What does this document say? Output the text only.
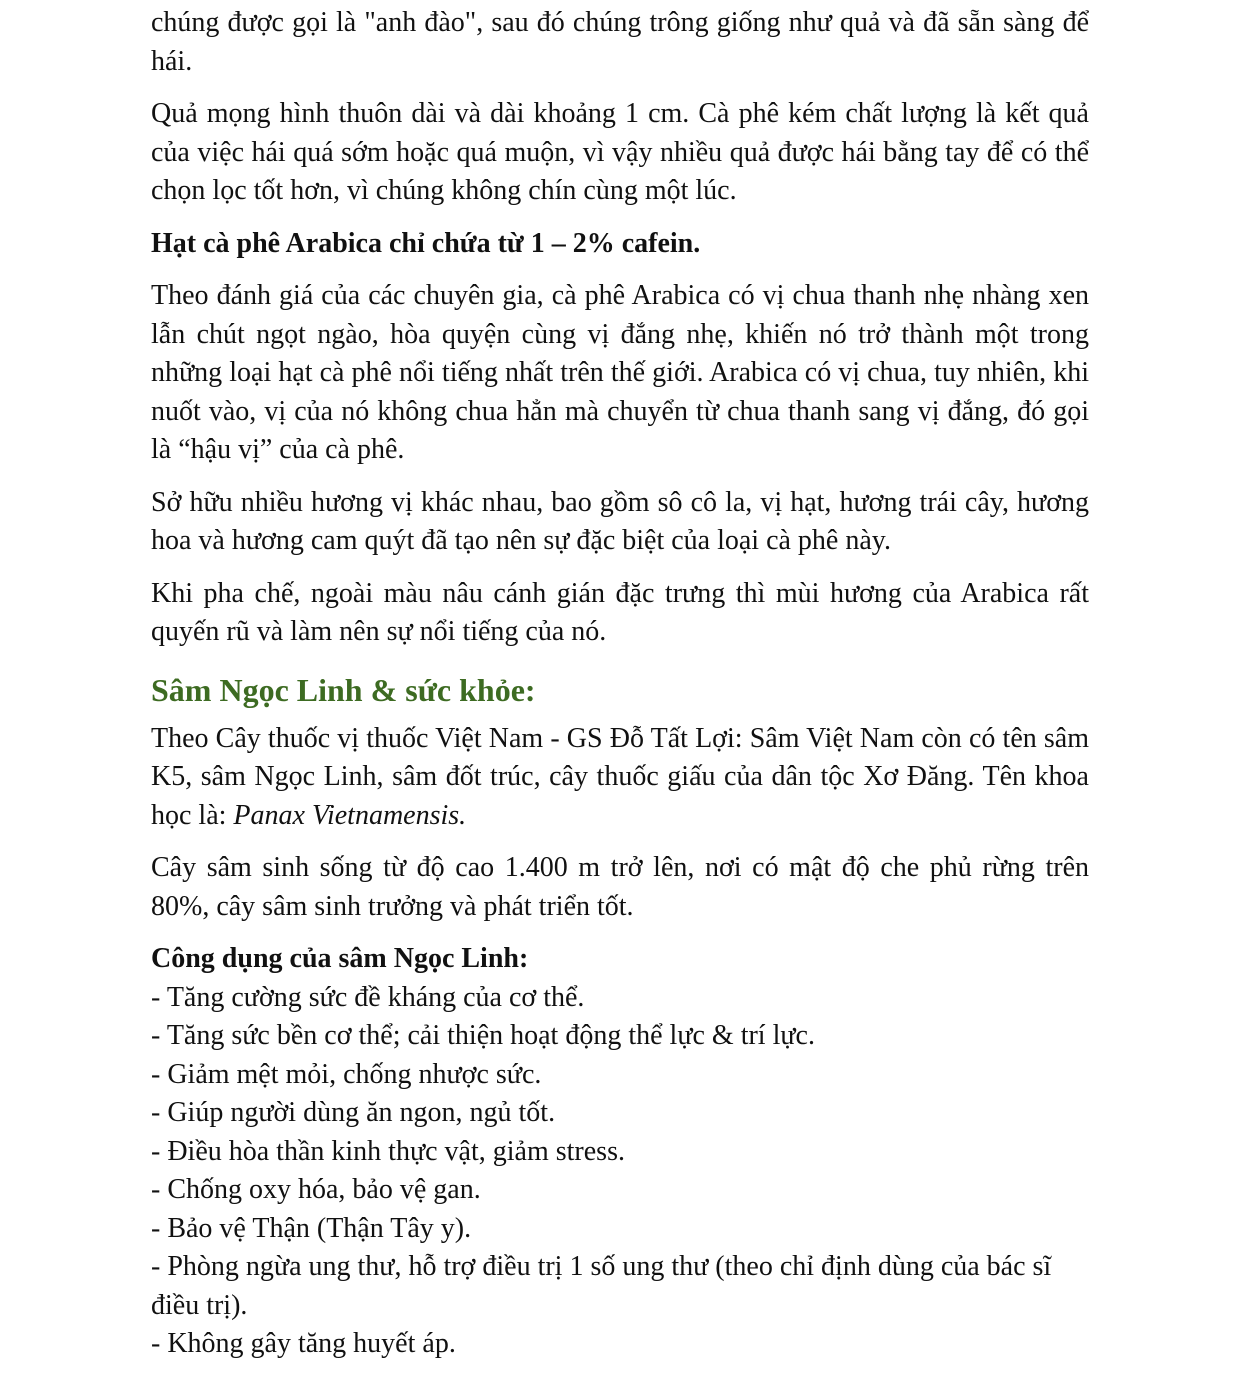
chúng được gọi là "anh đào", sau đó chúng trông giống như quả và đã sẵn sàng để hái.

Quả mọng hình thuôn dài và dài khoảng 1 cm. Cà phê kém chất lượng là kết quả của việc hái quá sớm hoặc quá muộn, vì vậy nhiều quả được hái bằng tay để có thể chọn lọc tốt hơn, vì chúng không chín cùng một lúc.

Hạt cà phê Arabica chỉ chứa từ 1 – 2% cafein.

Theo đánh giá của các chuyên gia, cà phê Arabica có vị chua thanh nhẹ nhàng xen lẫn chút ngọt ngào, hòa quyện cùng vị đắng nhẹ, khiến nó trở thành một trong những loại hạt cà phê nổi tiếng nhất trên thế giới. Arabica có vị chua, tuy nhiên, khi nuốt vào, vị của nó không chua hẳn mà chuyển từ chua thanh sang vị đắng, đó gọi là “hậu vị” của cà phê.

Sở hữu nhiều hương vị khác nhau, bao gồm sô cô la, vị hạt, hương trái cây, hương hoa và hương cam quýt đã tạo nên sự đặc biệt của loại cà phê này.

Khi pha chế, ngoài màu nâu cánh gián đặc trưng thì mùi hương của Arabica rất quyến rũ và làm nên sự nổi tiếng của nó.

Sâm Ngọc Linh & sức khỏe:

Theo Cây thuốc vị thuốc Việt Nam - GS Đỗ Tất Lợi: Sâm Việt Nam còn có tên sâm K5, sâm Ngọc Linh, sâm đốt trúc, cây thuốc giấu của dân tộc Xơ Đăng. Tên khoa học là: Panax Vietnamensis.

Cây sâm sinh sống từ độ cao 1.400 m trở lên, nơi có mật độ che phủ rừng trên 80%, cây sâm sinh trưởng và phát triển tốt.

Công dụng của sâm Ngọc Linh:

- Tăng cường sức đề kháng của cơ thể.
- Tăng sức bền cơ thể; cải thiện hoạt động thể lực & trí lực.
- Giảm mệt mỏi, chống nhược sức.
- Giúp người dùng ăn ngon, ngủ tốt.
- Điều hòa thần kinh thực vật, giảm stress.
- Chống oxy hóa, bảo vệ gan.
- Bảo vệ Thận (Thận Tây y).
- Phòng ngừa ung thư, hỗ trợ điều trị 1 số ung thư (theo chỉ định dùng của bác sĩ điều trị).
- Không gây tăng huyết áp.
